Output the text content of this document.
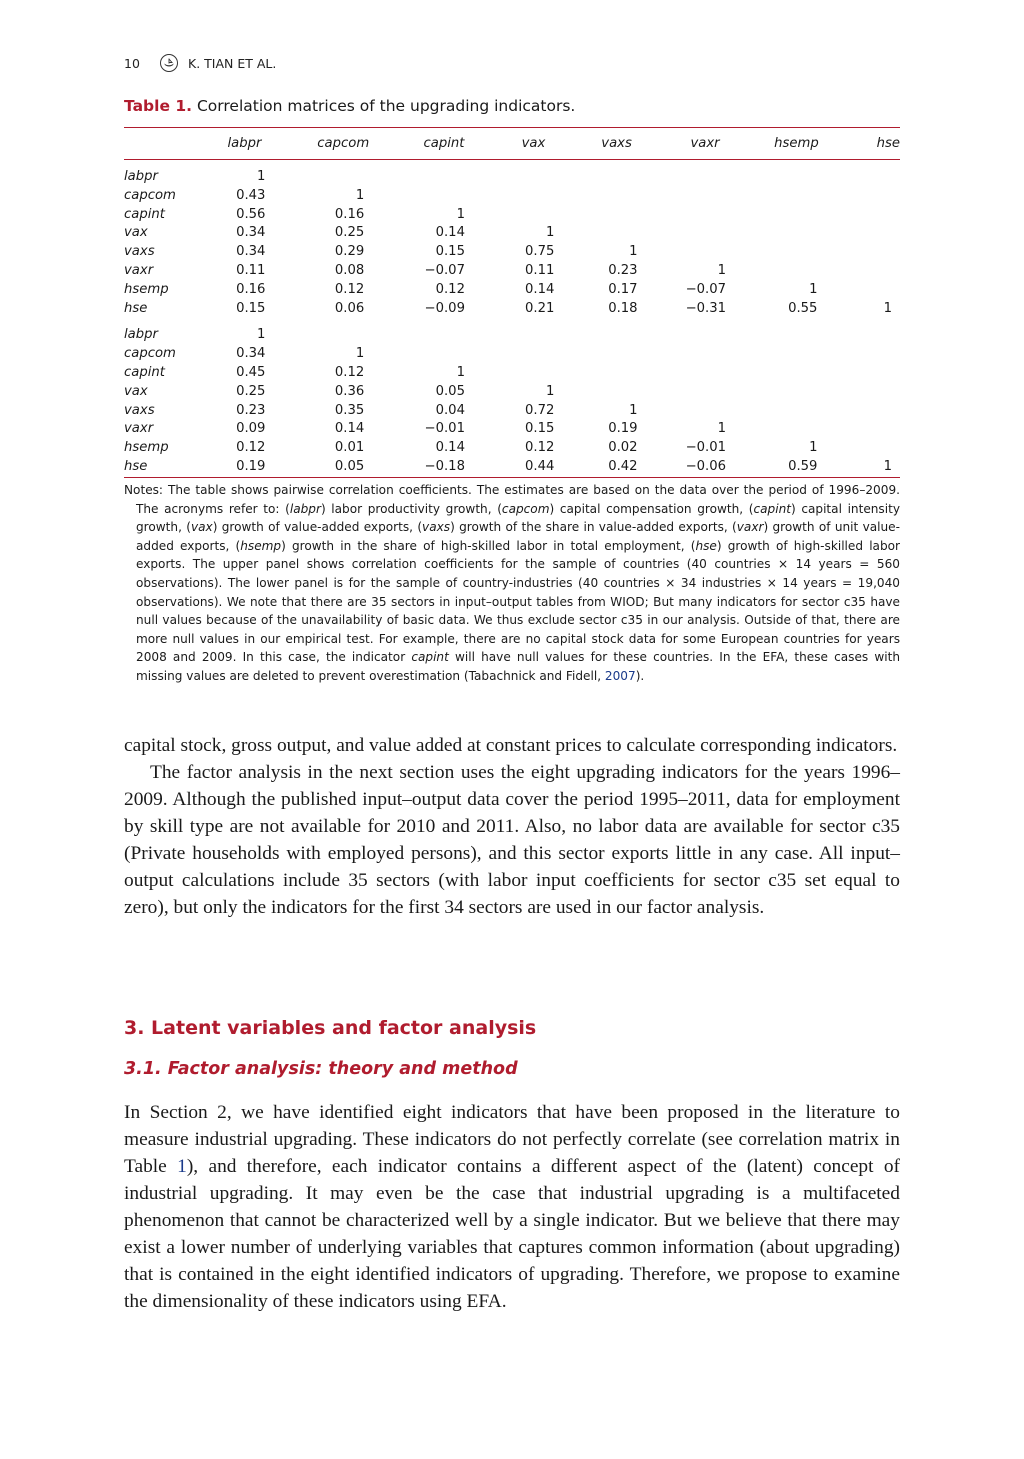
10	K. TIAN ET AL.
Table 1. Correlation matrices of the upgrading indicators.
	labpr	capcom	capint	vax	vaxs	vaxr	hsemp	hse
labpr	1							
capcom	0.43	1						
capint	0.56	0.16	1					
vax	0.34	0.25	0.14	1				
vaxs	0.34	0.29	0.15	0.75	1			
vaxr	0.11	0.08	−0.07	0.11	0.23	1		
hsemp	0.16	0.12	0.12	0.14	0.17	−0.07	1	
hse	0.15	0.06	−0.09	0.21	0.18	−0.31	0.55	1
labpr	1							
capcom	0.34	1						
capint	0.45	0.12	1					
vax	0.25	0.36	0.05	1				
vaxs	0.23	0.35	0.04	0.72	1			
vaxr	0.09	0.14	−0.01	0.15	0.19	1		
hsemp	0.12	0.01	0.14	0.12	0.02	−0.01	1	
hse	0.19	0.05	−0.18	0.44	0.42	−0.06	0.59	1

Notes: The table shows pairwise correlation coefficients. The estimates are based on the data over the period of 1996–2009. The acronyms refer to: (labpr) labor productivity growth, (capcom) capital compensation growth, (capint) capital intensity growth, (vax) growth of value-added exports, (vaxs) growth of the share in value-added exports, (vaxr) growth of unit value-added exports, (hsemp) growth in the share of high-skilled labor in total employment, (hse) growth of high-skilled labor exports. The upper panel shows correlation coefficients for the sample of countries (40 countries × 14 years = 560 observations). The lower panel is for the sample of country-industries (40 countries × 34 industries × 14 years = 19,040 observations). We note that there are 35 sectors in input–output tables from WIOD; But many indicators for sector c35 have null values because of the unavailability of basic data. We thus exclude sector c35 in our analysis. Outside of that, there are more null values in our empirical test. For example, there are no capital stock data for some European countries for years 2008 and 2009. In this case, the indicator capint will have null values for these countries. In the EFA, these cases with missing values are deleted to prevent overestimation (Tabachnick and Fidell, 2007).

capital stock, gross output, and value added at constant prices to calculate corresponding indicators.

The factor analysis in the next section uses the eight upgrading indicators for the years 1996–2009. Although the published input–output data cover the period 1995–2011, data for employment by skill type are not available for 2010 and 2011. Also, no labor data are available for sector c35 (Private households with employed persons), and this sector exports little in any case. All input–output calculations include 35 sectors (with labor input coefficients for sector c35 set equal to zero), but only the indicators for the first 34 sectors are used in our factor analysis.

3. Latent variables and factor analysis
3.1. Factor analysis: theory and method

In Section 2, we have identified eight indicators that have been proposed in the literature to measure industrial upgrading. These indicators do not perfectly correlate (see correlation matrix in Table 1), and therefore, each indicator contains a different aspect of the (latent) concept of industrial upgrading. It may even be the case that industrial upgrading is a multifaceted phenomenon that cannot be characterized well by a single indicator. But we believe that there may exist a lower number of underlying variables that captures common information (about upgrading) that is contained in the eight identified indicators of upgrading. Therefore, we propose to examine the dimensionality of these indicators using EFA.
